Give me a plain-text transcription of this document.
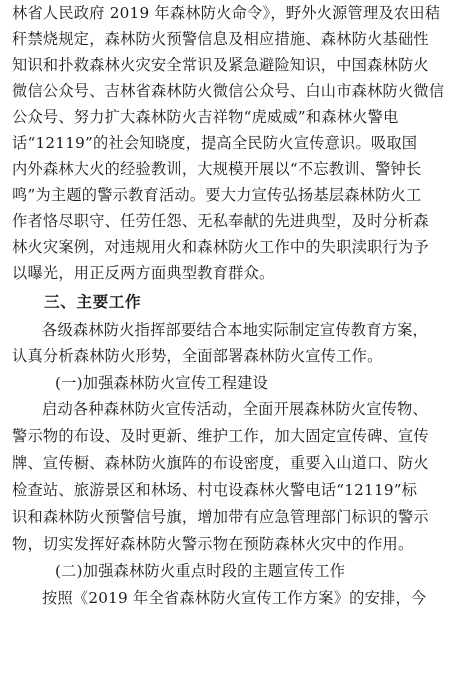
林省人民政府 2019 年森林防火命令》，野外火源管理及农田秸
秆禁烧规定，森林防火预警信息及相应措施、森林防火基础性
知识和扑救森林火灾安全常识及紧急避险知识，中国森林防火
微信公众号、吉林省森林防火微信公众号、白山市森林防火微信
公众号、努力扩大森林防火吉祥物“虎威威”和森林火警电
话“12119”的社会知晓度，提高全民防火宣传意识。吸取国
内外森林大火的经验教训，大规模开展以“不忘教训、警钟长
鸣”为主题的警示教育活动。要大力宣传弘扬基层森林防火工
作者恪尽职守、任劳任怨、无私奉献的先进典型，及时分析森
林火灾案例，对违规用火和森林防火工作中的失职渎职行为予
以曝光，用正反两方面典型教育群众。
三、主要工作
各级森林防火指挥部要结合本地实际制定宣传教育方案，
认真分析森林防火形势，全面部署森林防火宣传工作。
(一)加强森林防火宣传工程建设
启动各种森林防火宣传活动，全面开展森林防火宣传物、
警示物的布设、及时更新、维护工作，加大固定宣传碑、宣传
牌、宣传橱、森林防火旗阵的布设密度，重要入山道口、防火
检查站、旅游景区和林场、村屯设森林火警电话“12119”标
识和森林防火预警信号旗，增加带有应急管理部门标识的警示
物，切实发挥好森林防火警示物在预防森林火灾中的作用。
(二)加强森林防火重点时段的主题宣传工作
按照《2019 年全省森林防火宣传工作方案》的安排，今
